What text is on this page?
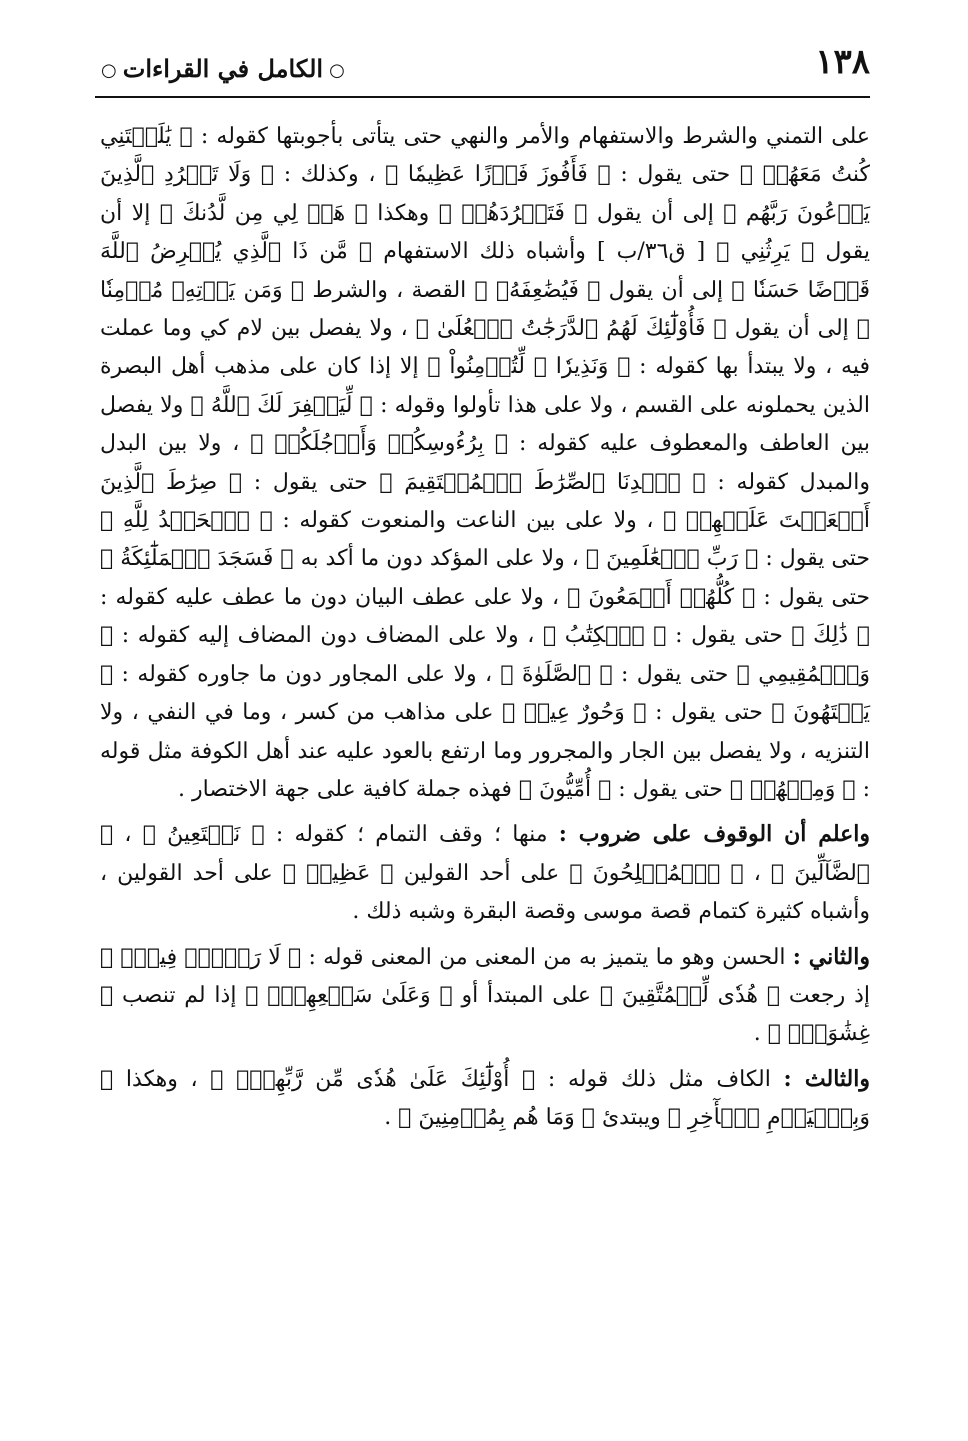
١٣٨
○الكامل في القراءات○

على التمني والشرط والاستفهام والأمر والنهي حتى يتأتى بأجوبتها كقوله : ﴿ يَٰلَيۡتَنِي كُنتُ مَعَهُمۡ ﴾ حتى يقول : ﴿ فَأَفُوزَ فَوۡزًا عَظِيمٗا ﴾ ، وكذلك : ﴿ وَلَا تَطۡرُدِ ٱلَّذِينَ يَدۡعُونَ رَبَّهُم ﴾ إلى أن يقول ﴿ فَتَطۡرُدَهُمۡ ﴾ وهكذا ﴿ هَبۡ لِي مِن لَّدُنكَ ﴾ إلا أن يقول ﴿ يَرِثُنِي ﴾ [ ق٣٦/ب ] وأشباه ذلك الاستفهام ﴿ مَّن ذَا ٱلَّذِي يُقۡرِضُ ٱللَّهَ قَرۡضًا حَسَنٗا ﴾ إلى أن يقول ﴿ فَيُضَٰعِفَهُۥ ﴾ القصة ، والشرط ﴿ وَمَن يَأۡتِهِۦ مُؤۡمِنٗا ﴾ إلى أن يقول ﴿ فَأُوْلَٰٓئِكَ لَهُمُ ٱلدَّرَجَٰتُ ٱلۡعُلَىٰ ﴾ ، ولا يفصل بين لام كي وما عملت فيه ، ولا يبتدأ بها كقوله : ﴿ وَنَذِيرٗا ۞ لِّتُؤۡمِنُواْ ﴾ إلا إذا كان على مذهب أهل البصرة الذين يحملونه على القسم ، ولا على هذا تأولوا وقوله : ﴿ لِّيَغۡفِرَ لَكَ ٱللَّهُ ﴾ ولا يفصل بين العاطف والمعطوف عليه كقوله : ﴿ بِرُءُوسِكُمۡ وَأَرۡجُلَكُمۡ ﴾ ، ولا بين البدل والمبدل كقوله : ﴿ ٱهۡدِنَا ٱلصِّرَٰطَ ٱلۡمُسۡتَقِيمَ ﴾ حتى يقول : ﴿ صِرَٰطَ ٱلَّذِينَ أَنۡعَمۡتَ عَلَيۡهِمۡ ﴾ ، ولا على بين الناعت والمنعوت كقوله : ﴿ ٱلۡحَمۡدُ لِلَّهِ ﴾ حتى يقول : ﴿ رَبِّ ٱلۡعَٰلَمِينَ ﴾ ، ولا على المؤكد دون ما أكد به ﴿ فَسَجَدَ ٱلۡمَلَٰٓئِكَةُ ﴾ حتى يقول : ﴿ كُلُّهُمۡ أَجۡمَعُونَ ﴾ ، ولا على عطف البيان دون ما عطف عليه كقوله : ﴿ ذَٰلِكَ ﴾ حتى يقول : ﴿ ٱلۡكِتَٰبُ ﴾ ، ولا على المضاف دون المضاف إليه كقوله : ﴿ وَٱلۡمُقِيمِي ﴾ حتى يقول : ﴿ ٱلصَّلَوٰةَ ﴾ ، ولا على المجاور دون ما جاوره كقوله : ﴿ يَشۡتَهُونَ ﴾ حتى يقول : ﴿ وَحُورٌ عِينٞ ﴾ على مذاهب من كسر ، وما في النفي ، ولا التنزيه ، ولا يفصل بين الجار والمجرور وما ارتفع بالعود عليه عند أهل الكوفة مثل قوله : ﴿ وَمِنۡهُمۡ ﴾ حتى يقول : ﴿ أُمِّيُّونَ ﴾ فهذه جملة كافية على جهة الاختصار .

واعلم أن الوقوف على ضروب : منها ؛ وقف التمام ؛ كقوله : ﴿ نَسۡتَعِينُ ﴾ ، ﴿ ٱلضَّآلِّينَ ﴾ ، ﴿ ٱلۡمُفۡلِحُونَ ﴾ على أحد القولين ﴿ عَظِيمٞ ﴾ على أحد القولين ، وأشباه كثيرة كتمام قصة موسى وقصة البقرة وشبه ذلك .

والثاني : الحسن وهو ما يتميز به من المعنى من المعنى قوله : ﴿ لَا رَيۡبَۛ فِيهِۛ ﴾ إذ رجعت ﴿ هُدٗى لِّلۡمُتَّقِينَ ﴾ على المبتدأ أو ﴿ وَعَلَىٰ سَمۡعِهِمۡۖ ﴾ إذا لم تنصب ﴿ غِشَٰوَةٞۖ ﴾ .

والثالث : الكاف مثل ذلك قوله : ﴿ أُوْلَٰٓئِكَ عَلَىٰ هُدٗى مِّن رَّبِّهِمۡۖ ﴾ ، وهكذا ﴿ وَبِٱلۡيَوۡمِ ٱلۡأٓخِرِ ﴾ ويبتدئ ﴿ وَمَا هُم بِمُؤۡمِنِينَ ﴾ .
